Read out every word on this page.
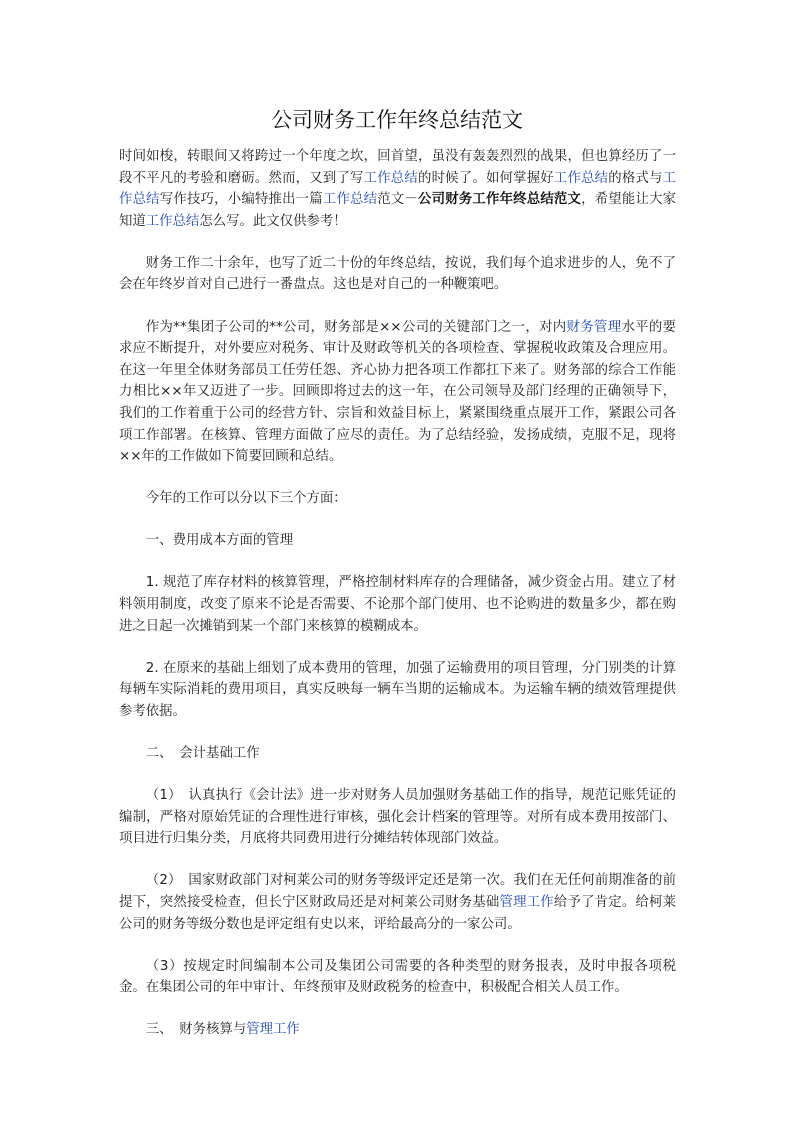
公司财务工作年终总结范文

时间如梭，转眼间又将跨过一个年度之坎，回首望，虽没有轰轰烈烈的战果，但也算经历了一段不平凡的考验和磨砺。然而，又到了写工作总结的时候了。如何掌握好工作总结的格式与工作总结写作技巧，小编特推出一篇工作总结范文－公司财务工作年终总结范文，希望能让大家知道工作总结怎么写。此文仅供参考！

财务工作二十余年，也写了近二十份的年终总结，按说，我们每个追求进步的人，免不了会在年终岁首对自己进行一番盘点。这也是对自己的一种鞭策吧。

作为**集团子公司的**公司，财务部是××公司的关键部门之一，对内财务管理水平的要求应不断提升，对外要应对税务、审计及财政等机关的各项检查、掌握税收政策及合理应用。在这一年里全体财务部员工任劳任怨、齐心协力把各项工作都扛下来了。财务部的综合工作能力相比××年又迈进了一步。回顾即将过去的这一年，在公司领导及部门经理的正确领导下，我们的工作着重于公司的经营方针、宗旨和效益目标上，紧紧围绕重点展开工作，紧跟公司各项工作部署。在核算、管理方面做了应尽的责任。为了总结经验，发扬成绩，克服不足，现将××年的工作做如下简要回顾和总结。

今年的工作可以分以下三个方面：

一、费用成本方面的管理

1. 规范了库存材料的核算管理，严格控制材料库存的合理储备，减少资金占用。建立了材料领用制度，改变了原来不论是否需要、不论那个部门使用、也不论购进的数量多少，都在购进之日起一次摊销到某一个部门来核算的模糊成本。

2. 在原来的基础上细划了成本费用的管理，加强了运输费用的项目管理，分门别类的计算每辆车实际消耗的费用项目，真实反映每一辆车当期的运输成本。为运输车辆的绩效管理提供参考依据。

二、　会计基础工作

（1）　认真执行《会计法》进一步对财务人员加强财务基础工作的指导，规范记账凭证的编制，严格对原始凭证的合理性进行审核，强化会计档案的管理等。对所有成本费用按部门、项目进行归集分类，月底将共同费用进行分摊结转体现部门效益。

（2）　国家财政部门对柯莱公司的财务等级评定还是第一次。我们在无任何前期准备的前提下，突然接受检查，但长宁区财政局还是对柯莱公司财务基础管理工作给予了肯定。给柯莱公司的财务等级分数也是评定组有史以来，评给最高分的一家公司。

（3）按规定时间编制本公司及集团公司需要的各种类型的财务报表，及时申报各项税金。在集团公司的年中审计、年终预审及财政税务的检查中，积极配合相关人员工作。

三、　财务核算与管理工作
